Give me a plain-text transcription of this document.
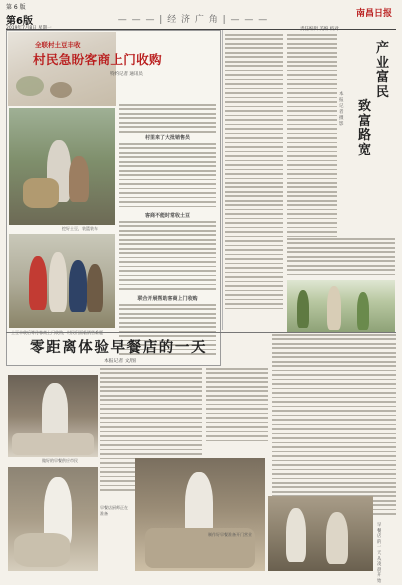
第 6 版
第6版	— — — | 经 济 广 角 | — — —
南昌日报
全联村土豆丰收
村民急盼客商上门收购
特约记者 通讯员
村里来了大批销售员
客商不能时常收土豆
联合开展帮助客商上门收购
挖好土豆，装篮装车
产业富民
致富路宽
本报记者 摄影
零距离体验早餐店的一天
本报记者 文/图
做好的早餐供应市民
早餐店厨师正在准备
制作好早餐准备开门营业
早餐店的一天从凌晨开始
